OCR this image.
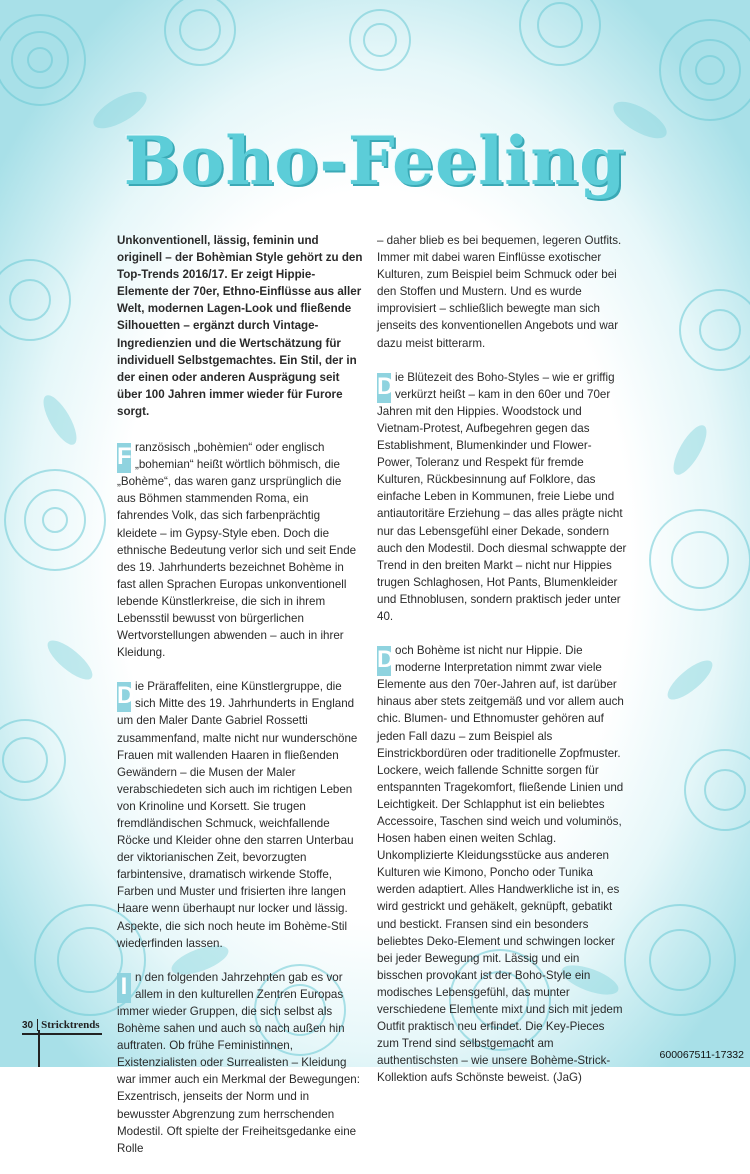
Boho-Feeling

Unkonventionell, lässig, feminin und originell – der Bohèmian Style gehört zu den Top-Trends 2016/17. Er zeigt Hippie-Elemente der 70er, Ethno-Einflüsse aus aller Welt, modernen Lagen-Look und fließende Silhouetten – ergänzt durch Vintage-Ingredienzien und die Wertschätzung für individuell Selbstgemachtes. Ein Stil, der in der einen oder anderen Ausprägung seit über 100 Jahren immer wieder für Furore sorgt.

F ranzösisch „bohèmien“ oder englisch „bohemian“ heißt wörtlich böhmisch, die „Bohème“, das waren ganz ursprünglich die aus Böhmen stammenden Roma, ein fahrendes Volk, das sich farbenprächtig kleidete – im Gypsy-Style eben. Doch die ethnische Bedeutung verlor sich und seit Ende des 19. Jahrhunderts bezeichnet Bohème in fast allen Sprachen Europas unkonventionell lebende Künstlerkreise, die sich in ihrem Lebensstil bewusst von bürgerlichen Wertvorstellungen abwenden – auch in ihrer Kleidung.

D ie Präraffeliten, eine Künstlergruppe, die sich Mitte des 19. Jahrhunderts in England um den Maler Dante Gabriel Rossetti zusammenfand, malte nicht nur wunderschöne Frauen mit wallenden Haaren in fließenden Gewändern – die Musen der Maler verabschiedeten sich auch im richtigen Leben von Krinoline und Korsett. Sie trugen fremdländischen Schmuck, weichfallende Röcke und Kleider ohne den starren Unterbau der viktorianischen Zeit, bevorzugten farbintensive, dramatisch wirkende Stoffe, Farben und Muster und frisierten ihre langen Haare wenn überhaupt nur locker und lässig. Aspekte, die sich noch heute im Bohème-Stil wiederfinden lassen.

I n den folgenden Jahrzehnten gab es vor allem in den kulturellen Zentren Europas immer wieder Gruppen, die sich selbst als Bohème sahen und auch so nach außen hin auftraten. Ob frühe Feministinnen, Existenzialisten oder Surrealisten – Kleidung war immer auch ein Merkmal der Bewegungen: Exzentrisch, jenseits der Norm und in bewusster Abgrenzung zum herrschenden Modestil. Oft spielte der Freiheitsgedanke eine Rolle

– daher blieb es bei bequemen, legeren Outfits. Immer mit dabei waren Einflüsse exotischer Kulturen, zum Beispiel beim Schmuck oder bei den Stoffen und Mustern. Und es wurde improvisiert – schließlich bewegte man sich jenseits des konventionellen Angebots und war dazu meist bitterarm.

D ie Blütezeit des Boho-Styles – wie er griffig verkürzt heißt – kam in den 60er und 70er Jahren mit den Hippies. Woodstock und Vietnam-Protest, Aufbegehren gegen das Establishment, Blumenkinder und Flower-Power, Toleranz und Respekt für fremde Kulturen, Rückbesinnung auf Folklore, das einfache Leben in Kommunen, freie Liebe und antiautoritäre Erziehung – das alles prägte nicht nur das Lebensgefühl einer Dekade, sondern auch den Modestil. Doch diesmal schwappte der Trend in den breiten Markt – nicht nur Hippies trugen Schlaghosen, Hot Pants, Blumenkleider und Ethnoblusen, sondern praktisch jeder unter 40.

D och Bohème ist nicht nur Hippie. Die moderne Interpretation nimmt zwar viele Elemente aus den 70er-Jahren auf, ist darüber hinaus aber stets zeitgemäß und vor allem auch chic. Blumen- und Ethnomuster gehören auf jeden Fall dazu – zum Beispiel als Einstrickbordüren oder traditionelle Zopfmuster. Lockere, weich fallende Schnitte sorgen für entspannten Tragekomfort, fließende Linien und Leichtigkeit. Der Schlapphut ist ein beliebtes Accessoire, Taschen sind weich und voluminös, Hosen haben einen weiten Schlag. Unkomplizierte Kleidungsstücke aus anderen Kulturen wie Kimono, Poncho oder Tunika werden adaptiert. Alles Handwerkliche ist in, es wird gestrickt und gehäkelt, geknüpft, gebatikt und bestickt. Fransen sind ein besonders beliebtes Deko-Element und schwingen locker bei jeder Bewegung mit. Lässig und ein bisschen provokant ist der Boho-Style ein modisches Lebensgefühl, das munter verschiedene Elemente mixt und sich mit jedem Outfit praktisch neu erfindet. Die Key-Pieces zum Trend sind selbstgemacht am authentischsten – wie unsere Bohème-Strick-Kollektion aufs Schönste beweist. (JaG)

30 Stricktrends
600067511-17332
